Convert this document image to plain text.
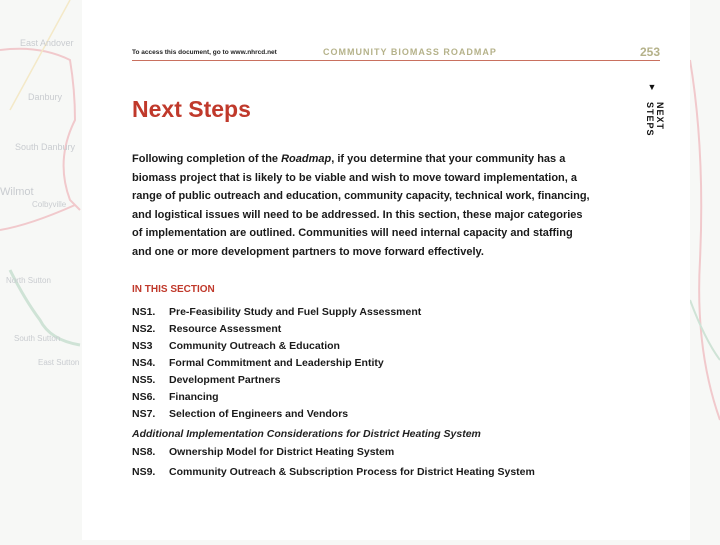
East Andover
Danbury
South Danbury
Wilmot
Colbyville
North Sutton
South Sutton
East Sutton
To access this document, go to www.nhrcd.net	COMMUNITY BIOMASS ROADMAP	253
▼
NEXT STEPS
Next Steps

Following completion of the Roadmap, if you determine that your community has a biomass project that is likely to be viable and wish to move toward implementation, a range of public outreach and education, community capacity, technical work, financing, and logistical issues will need to be addressed. In this section, these major categories of implementation are outlined. Communities will need internal capacity and staffing and one or more development partners to move forward effectively.

IN THIS SECTION
NS1. Pre-Feasibility Study and Fuel Supply Assessment
NS2. Resource Assessment
NS3 Community Outreach & Education
NS4. Formal Commitment and Leadership Entity
NS5. Development Partners
NS6. Financing
NS7. Selection of Engineers and Vendors
Additional Implementation Considerations for District Heating System
NS8. Ownership Model for District Heating System
NS9. Community Outreach & Subscription Process for District Heating System
